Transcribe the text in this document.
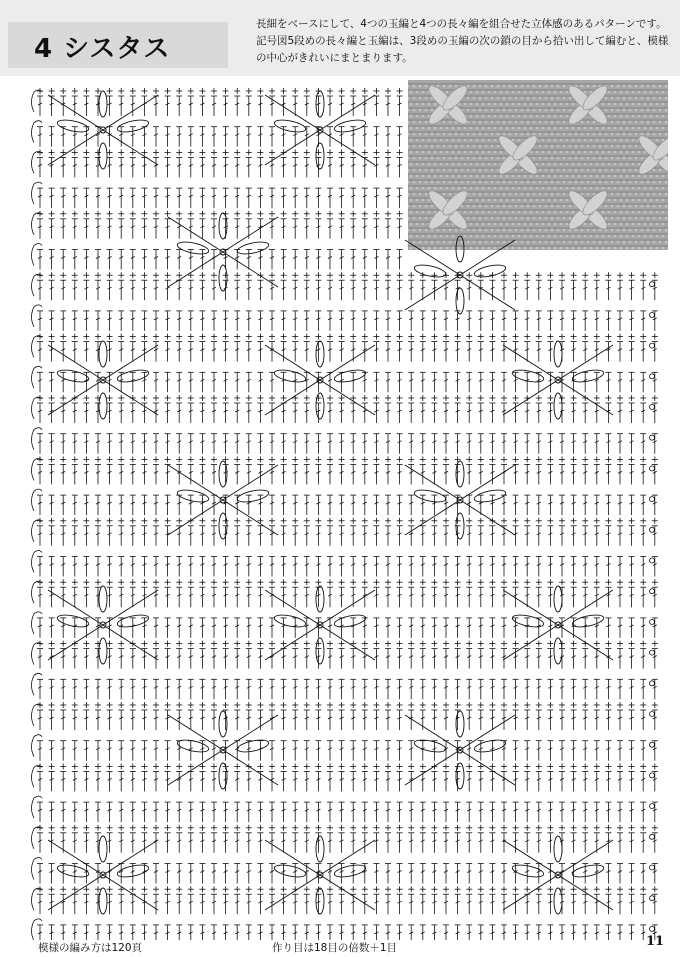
4 シスタス
長細をベースにして、4つの玉編と4つの長々編を組合せた立体感のあるパターンです。記号図5段めの長々編と玉編は、3段めの玉編の次の鎖の目から拾い出して編むと、模様の中心がきれいにまとまります。
模様の編み方は120頁	作り目は18目の倍数＋1目	11
